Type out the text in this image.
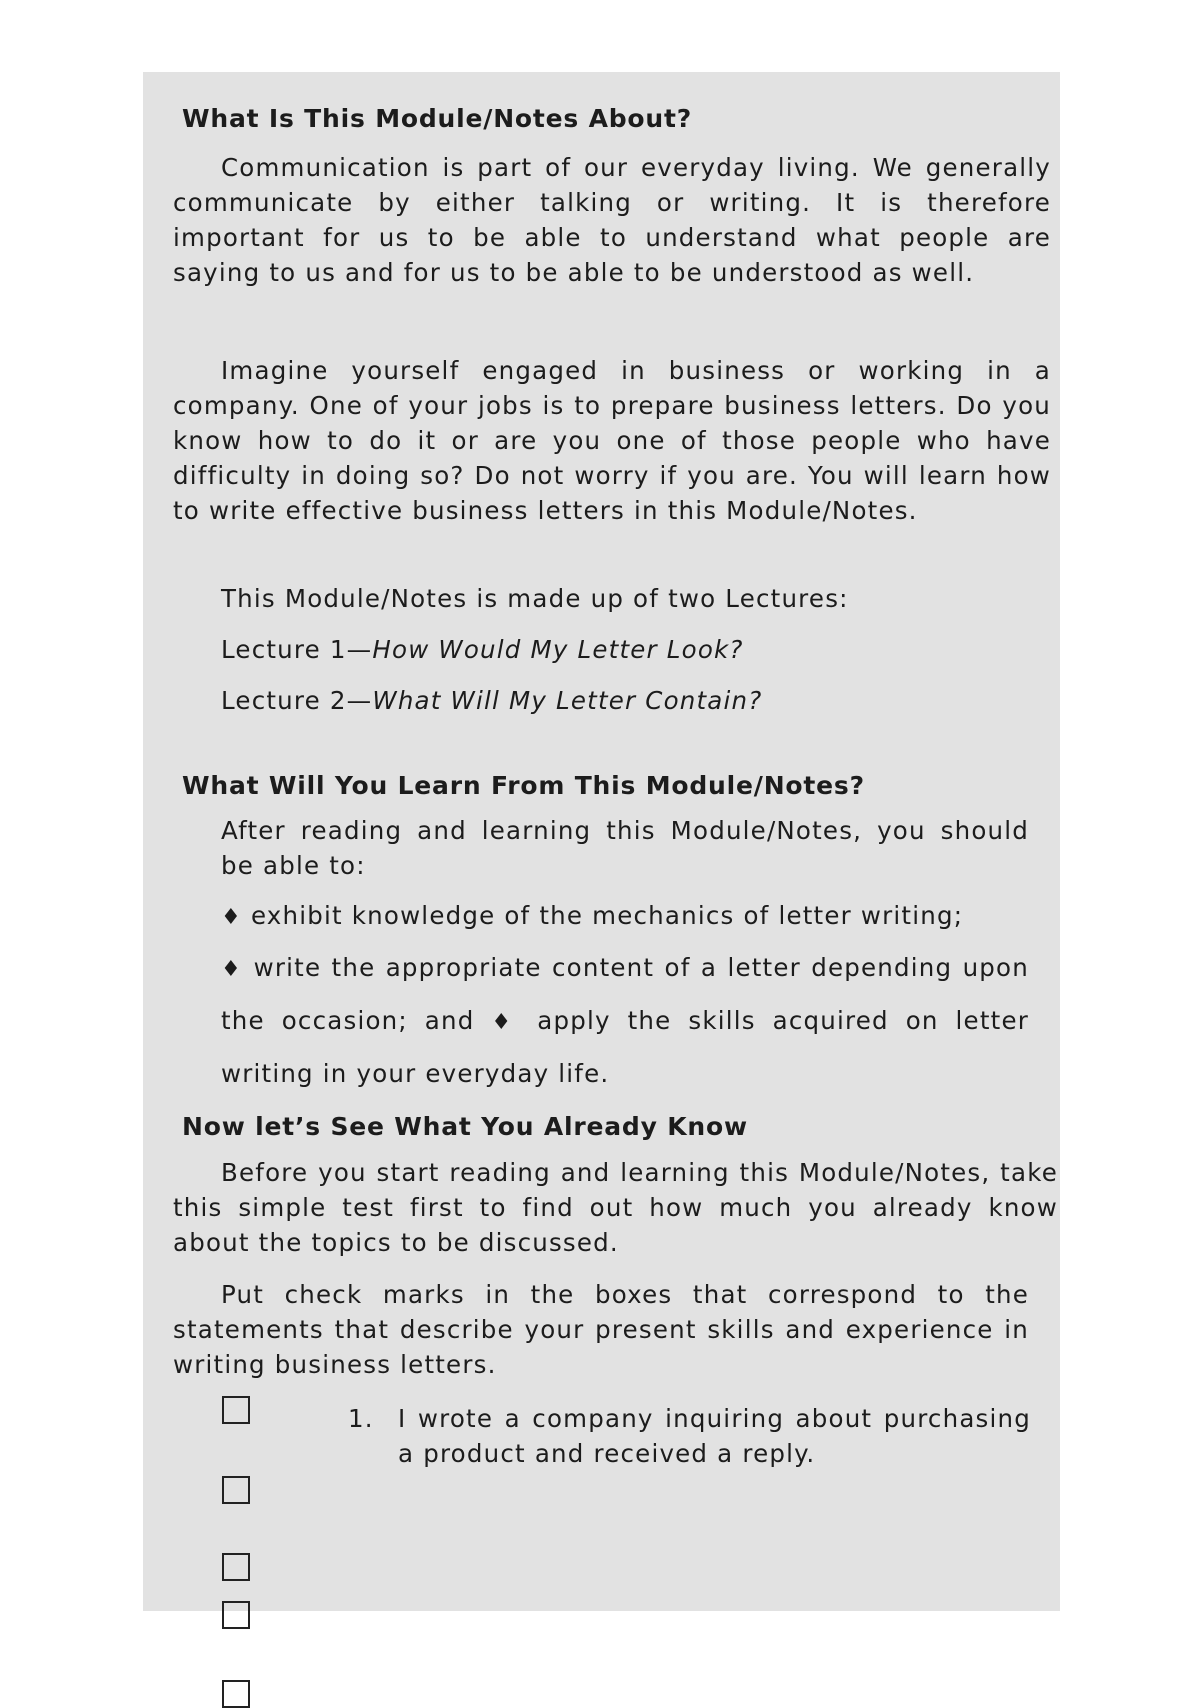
What Is This Module/Notes About?

Communication is part of our everyday living. We generally communicate by either talking or writing. It is therefore important for us to be able to understand what people are saying to us and for us to be able to be understood as well.

Imagine yourself engaged in business or working in a company. One of your jobs is to prepare business letters. Do you know how to do it or are you one of those people who have difficulty in doing so? Do not worry if you are. You will learn how to write effective business letters in this Module/Notes.

This Module/Notes is made up of two Lectures:

Lecture 1—How Would My Letter Look?

Lecture 2—What Will My Letter Contain?

What Will You Learn From This Module/Notes?

After reading and learning this Module/Notes, you should be able to:

♦ exhibit knowledge of the mechanics of letter writing;

♦ write the appropriate content of a letter depending upon the occasion; and ♦ apply the skills acquired on letter writing in your everyday life.

Now let’s See What You Already Know

Before you start reading and learning this Module/Notes, take this simple test first to find out how much you already know about the topics to be discussed.

Put check marks in the boxes that correspond to the statements that describe your present skills and experience in writing business letters.

1. I wrote a company inquiring about purchasing a product and received a reply.
